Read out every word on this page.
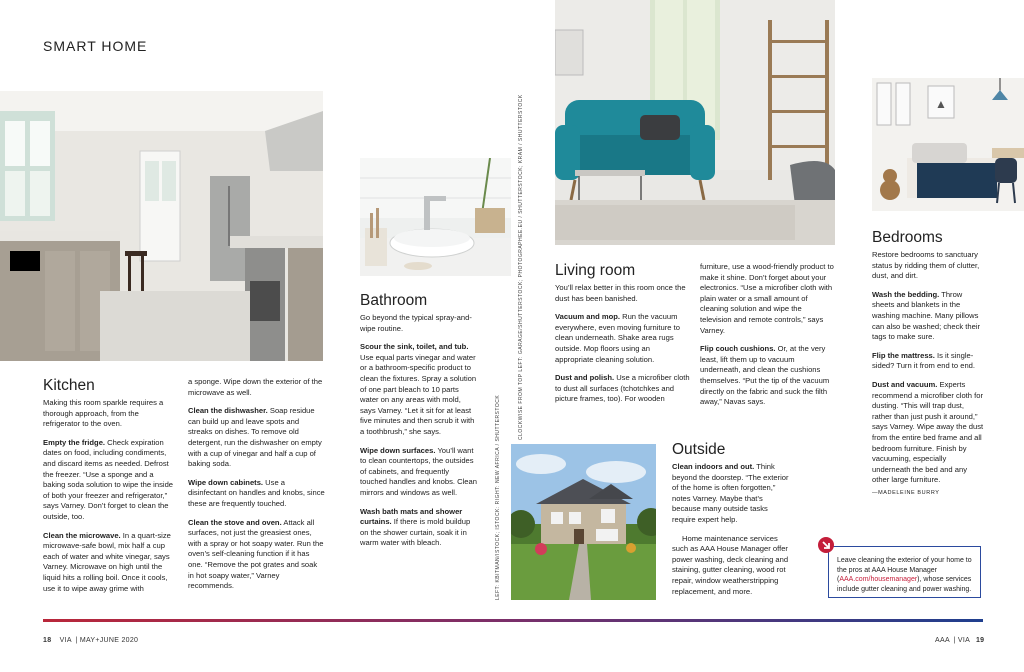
SMART HOME
▲
LEFT: KBITMAN/ISTOCK; ISTOCK: RIGHT: NEW AFRICA / SHUTTERSTOCK
CLOCKWISE FROM TOP LEFT: GARAGE/SHUTTERSTOCK; PHOTOGRAPHEE.EU / SHUTTERSTOCK; KRAM / SHUTTERSTOCK
Kitchen

Making this room sparkle requires a thorough approach, from the refrigerator to the oven.

Empty the fridge. Check expiration dates on food, including condiments, and discard items as needed. Defrost the freezer. “Use a sponge and a baking soda solution to wipe the inside of both your freezer and refrigerator,” says Varney. Don’t forget to clean the outside, too.

Clean the microwave. In a quart-size microwave-safe bowl, mix half a cup each of water and white vinegar, says Varney. Microwave on high until the liquid hits a rolling boil. Once it cools, use it to wipe away grime with

a sponge. Wipe down the exterior of the microwave as well.

Clean the dishwasher. Soap residue can build up and leave spots and streaks on dishes. To remove old detergent, run the dishwasher on empty with a cup of vinegar and half a cup of baking soda.

Wipe down cabinets. Use a disinfectant on handles and knobs, since these are frequently touched.

Clean the stove and oven. Attack all surfaces, not just the greasiest ones, with a spray or hot soapy water. Run the oven’s self-cleaning function if it has one. “Remove the pot grates and soak in hot soapy water,” Varney recommends.

Bathroom

Go beyond the typical spray-and-wipe routine.

Scour the sink, toilet, and tub. Use equal parts vinegar and water or a bathroom-specific product to clean the fixtures. Spray a solution of one part bleach to 10 parts water on any areas with mold, says Varney. “Let it sit for at least five minutes and then scrub it with a toothbrush,” she says.

Wipe down surfaces. You’ll want to clean countertops, the outsides of cabinets, and frequently touched handles and knobs. Clean mirrors and windows as well.

Wash bath mats and shower curtains. If there is mold buildup on the shower curtain, soak it in warm water with bleach.

Living room

You’ll relax better in this room once the dust has been banished.

Vacuum and mop. Run the vacuum everywhere, even moving furniture to clean underneath. Shake area rugs outside. Mop floors using an appropriate cleaning solution.

Dust and polish. Use a microfiber cloth to dust all surfaces (tchotchkes and picture frames, too). For wooden

furniture, use a wood-friendly product to make it shine. Don’t forget about your electronics. “Use a microfiber cloth with plain water or a small amount of cleaning solution and wipe the television and remote controls,” says Varney.

Flip couch cushions. Or, at the very least, lift them up to vacuum underneath, and clean the cushions themselves. “Put the tip of the vacuum directly on the fabric and suck the filth away,” Navas says.

Outside

Clean indoors and out. Think beyond the doorstep. “The exterior of the home is often forgotten,” notes Varney. Maybe that’s because many outside tasks require expert help.

Home maintenance services such as AAA House Manager offer power washing, deck cleaning and staining, gutter cleaning, wood rot repair, window weatherstripping replacement, and more.

Bedrooms

Restore bedrooms to sanctuary status by ridding them of clutter, dust, and dirt.

Wash the bedding. Throw sheets and blankets in the washing machine. Many pillows can also be washed; check their tags to make sure.

Flip the mattress. Is it single-sided? Turn it from end to end.

Dust and vacuum. Experts recommend a microfiber cloth for dusting. “This will trap dust, rather than just push it around,” says Varney. Wipe away the dust from the entire bed frame and all bedroom furniture. Finish by vacuuming, especially underneath the bed and any other large furniture.

—MADELEINE BURRY
Leave cleaning the exterior of your home to the pros at AAA House Manager (AAA.com/housemanager), whose services include gutter cleaning and power washing.
18 VIA | MAY+JUNE 2020	AAA | VIA 19
